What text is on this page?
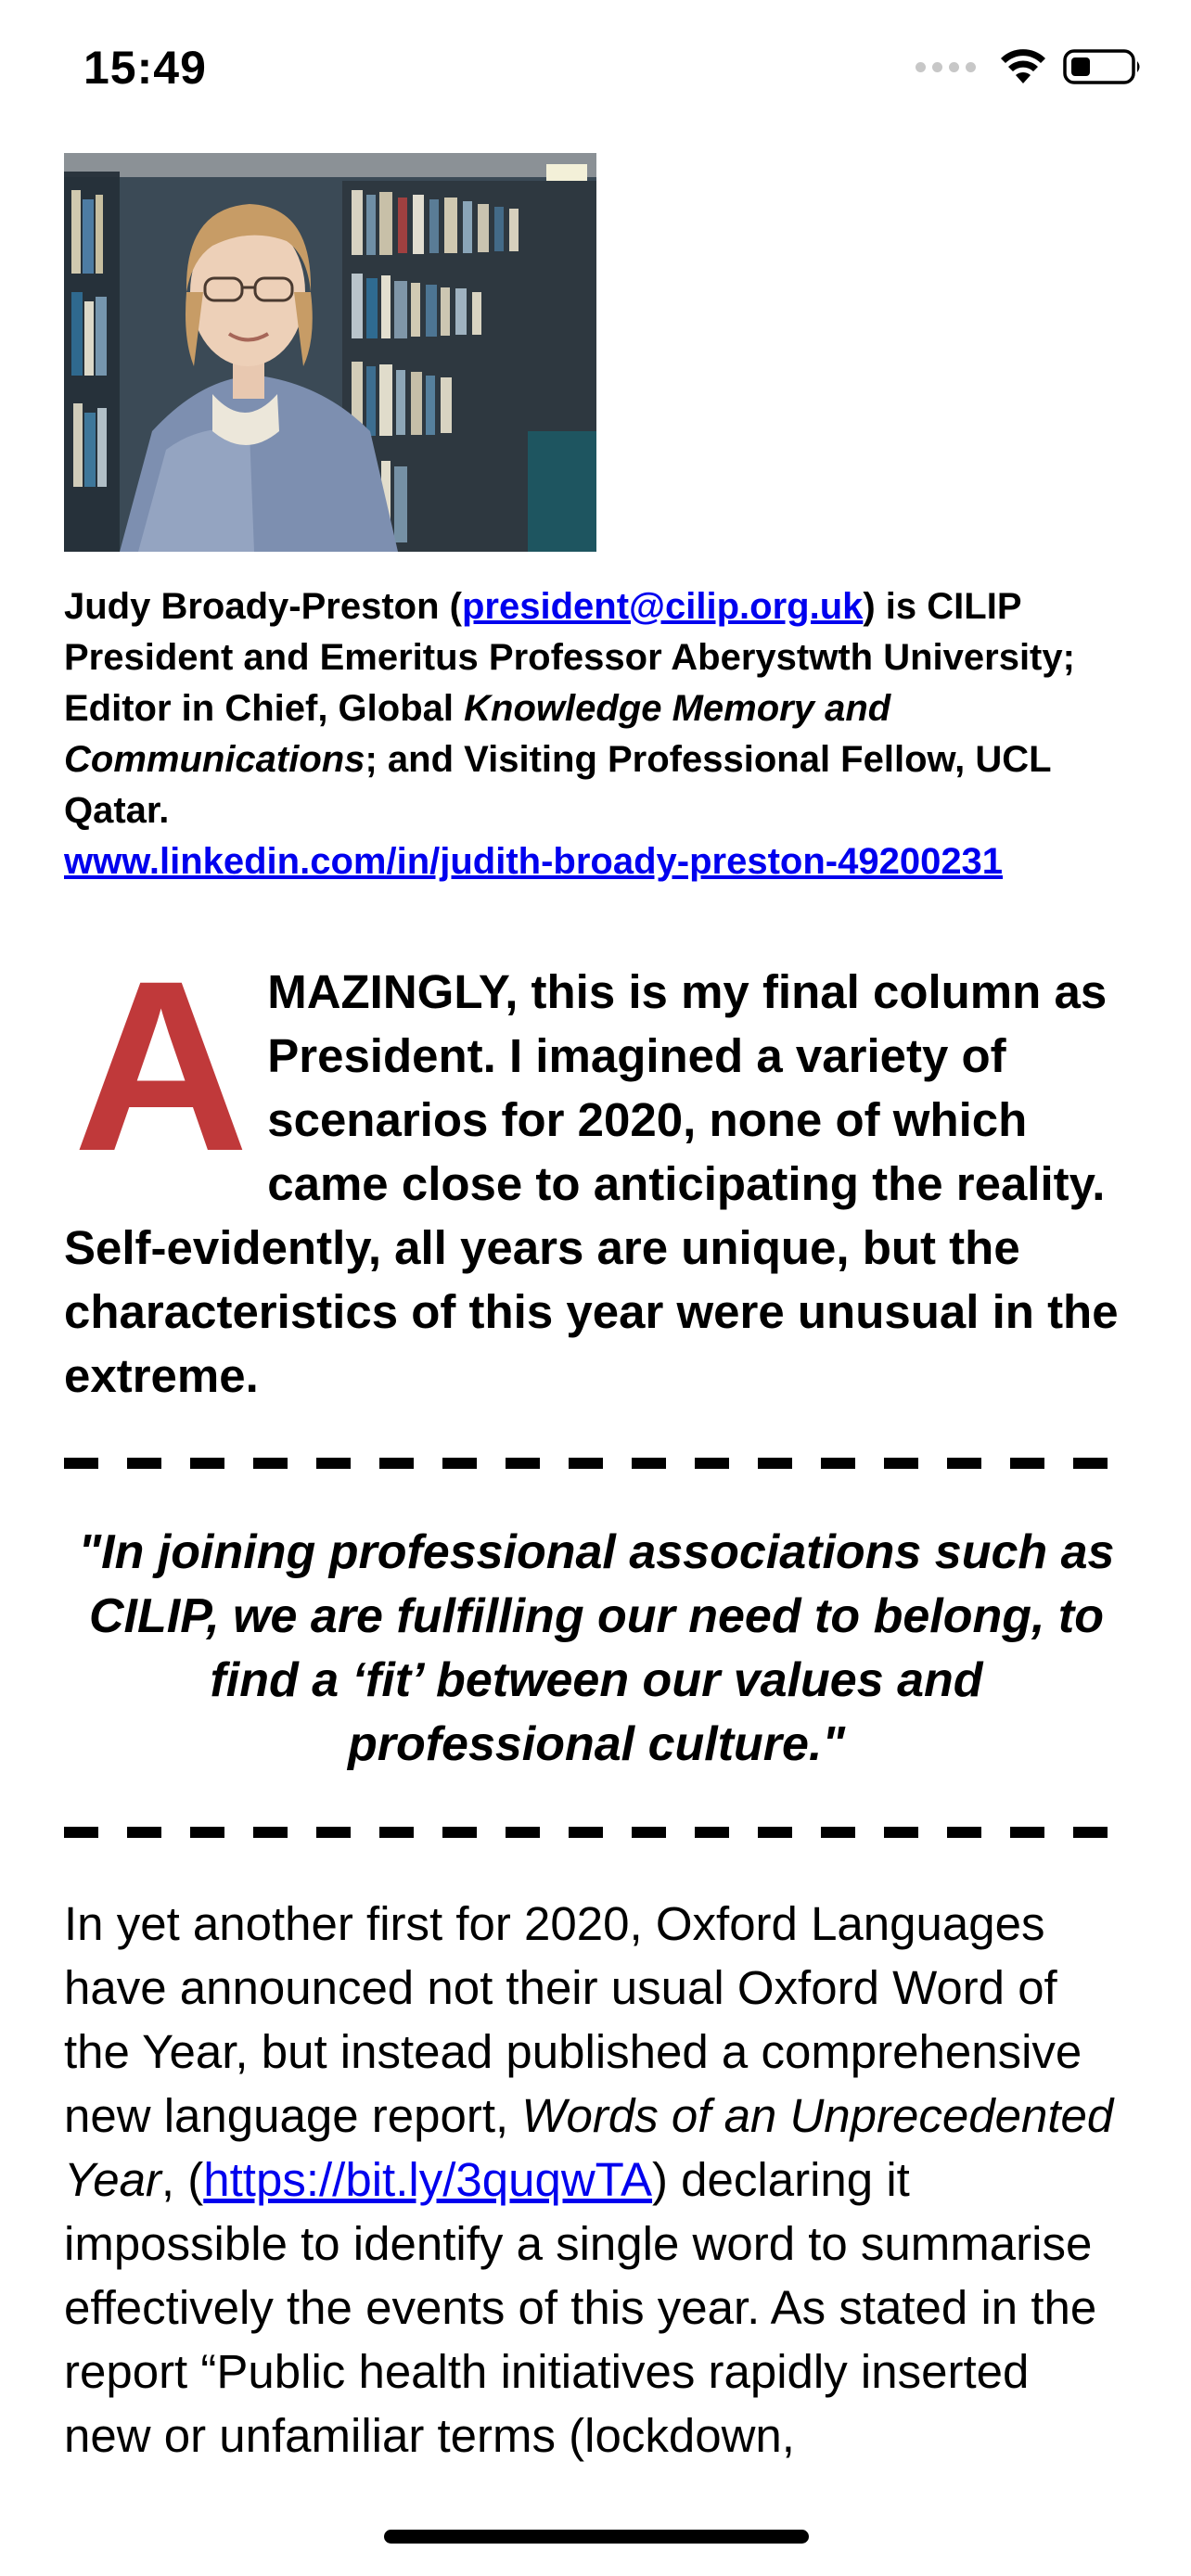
15:49
Judy Broady-Preston (president@cilip.org.uk) is CILIP President and Emeritus Professor Aberystwth University; Editor in Chief, Global Knowledge Memory and Communications; and Visiting Professional Fellow, UCL Qatar.
www.linkedin.com/in/judith-broady-preston-49200231
A MAZINGLY, this is my final column as President. I imagined a variety of scenarios for 2020, none of which came close to anticipating the reality. Self-evidently, all years are unique, but the characteristics of this year were unusual in the extreme.
"In joining professional associations such as CILIP, we are fulfilling our need to belong, to find a ‘fit’ between our values and professional culture."
In yet another first for 2020, Oxford Languages have announced not their usual Oxford Word of the Year, but instead published a comprehensive new language report, Words of an Unprecedented Year, (https://bit.ly/3quqwTA) declaring it impossible to identify a single word to summarise effectively the events of this year. As stated in the report “Public health initiatives rapidly inserted new or unfamiliar terms (lockdown,
